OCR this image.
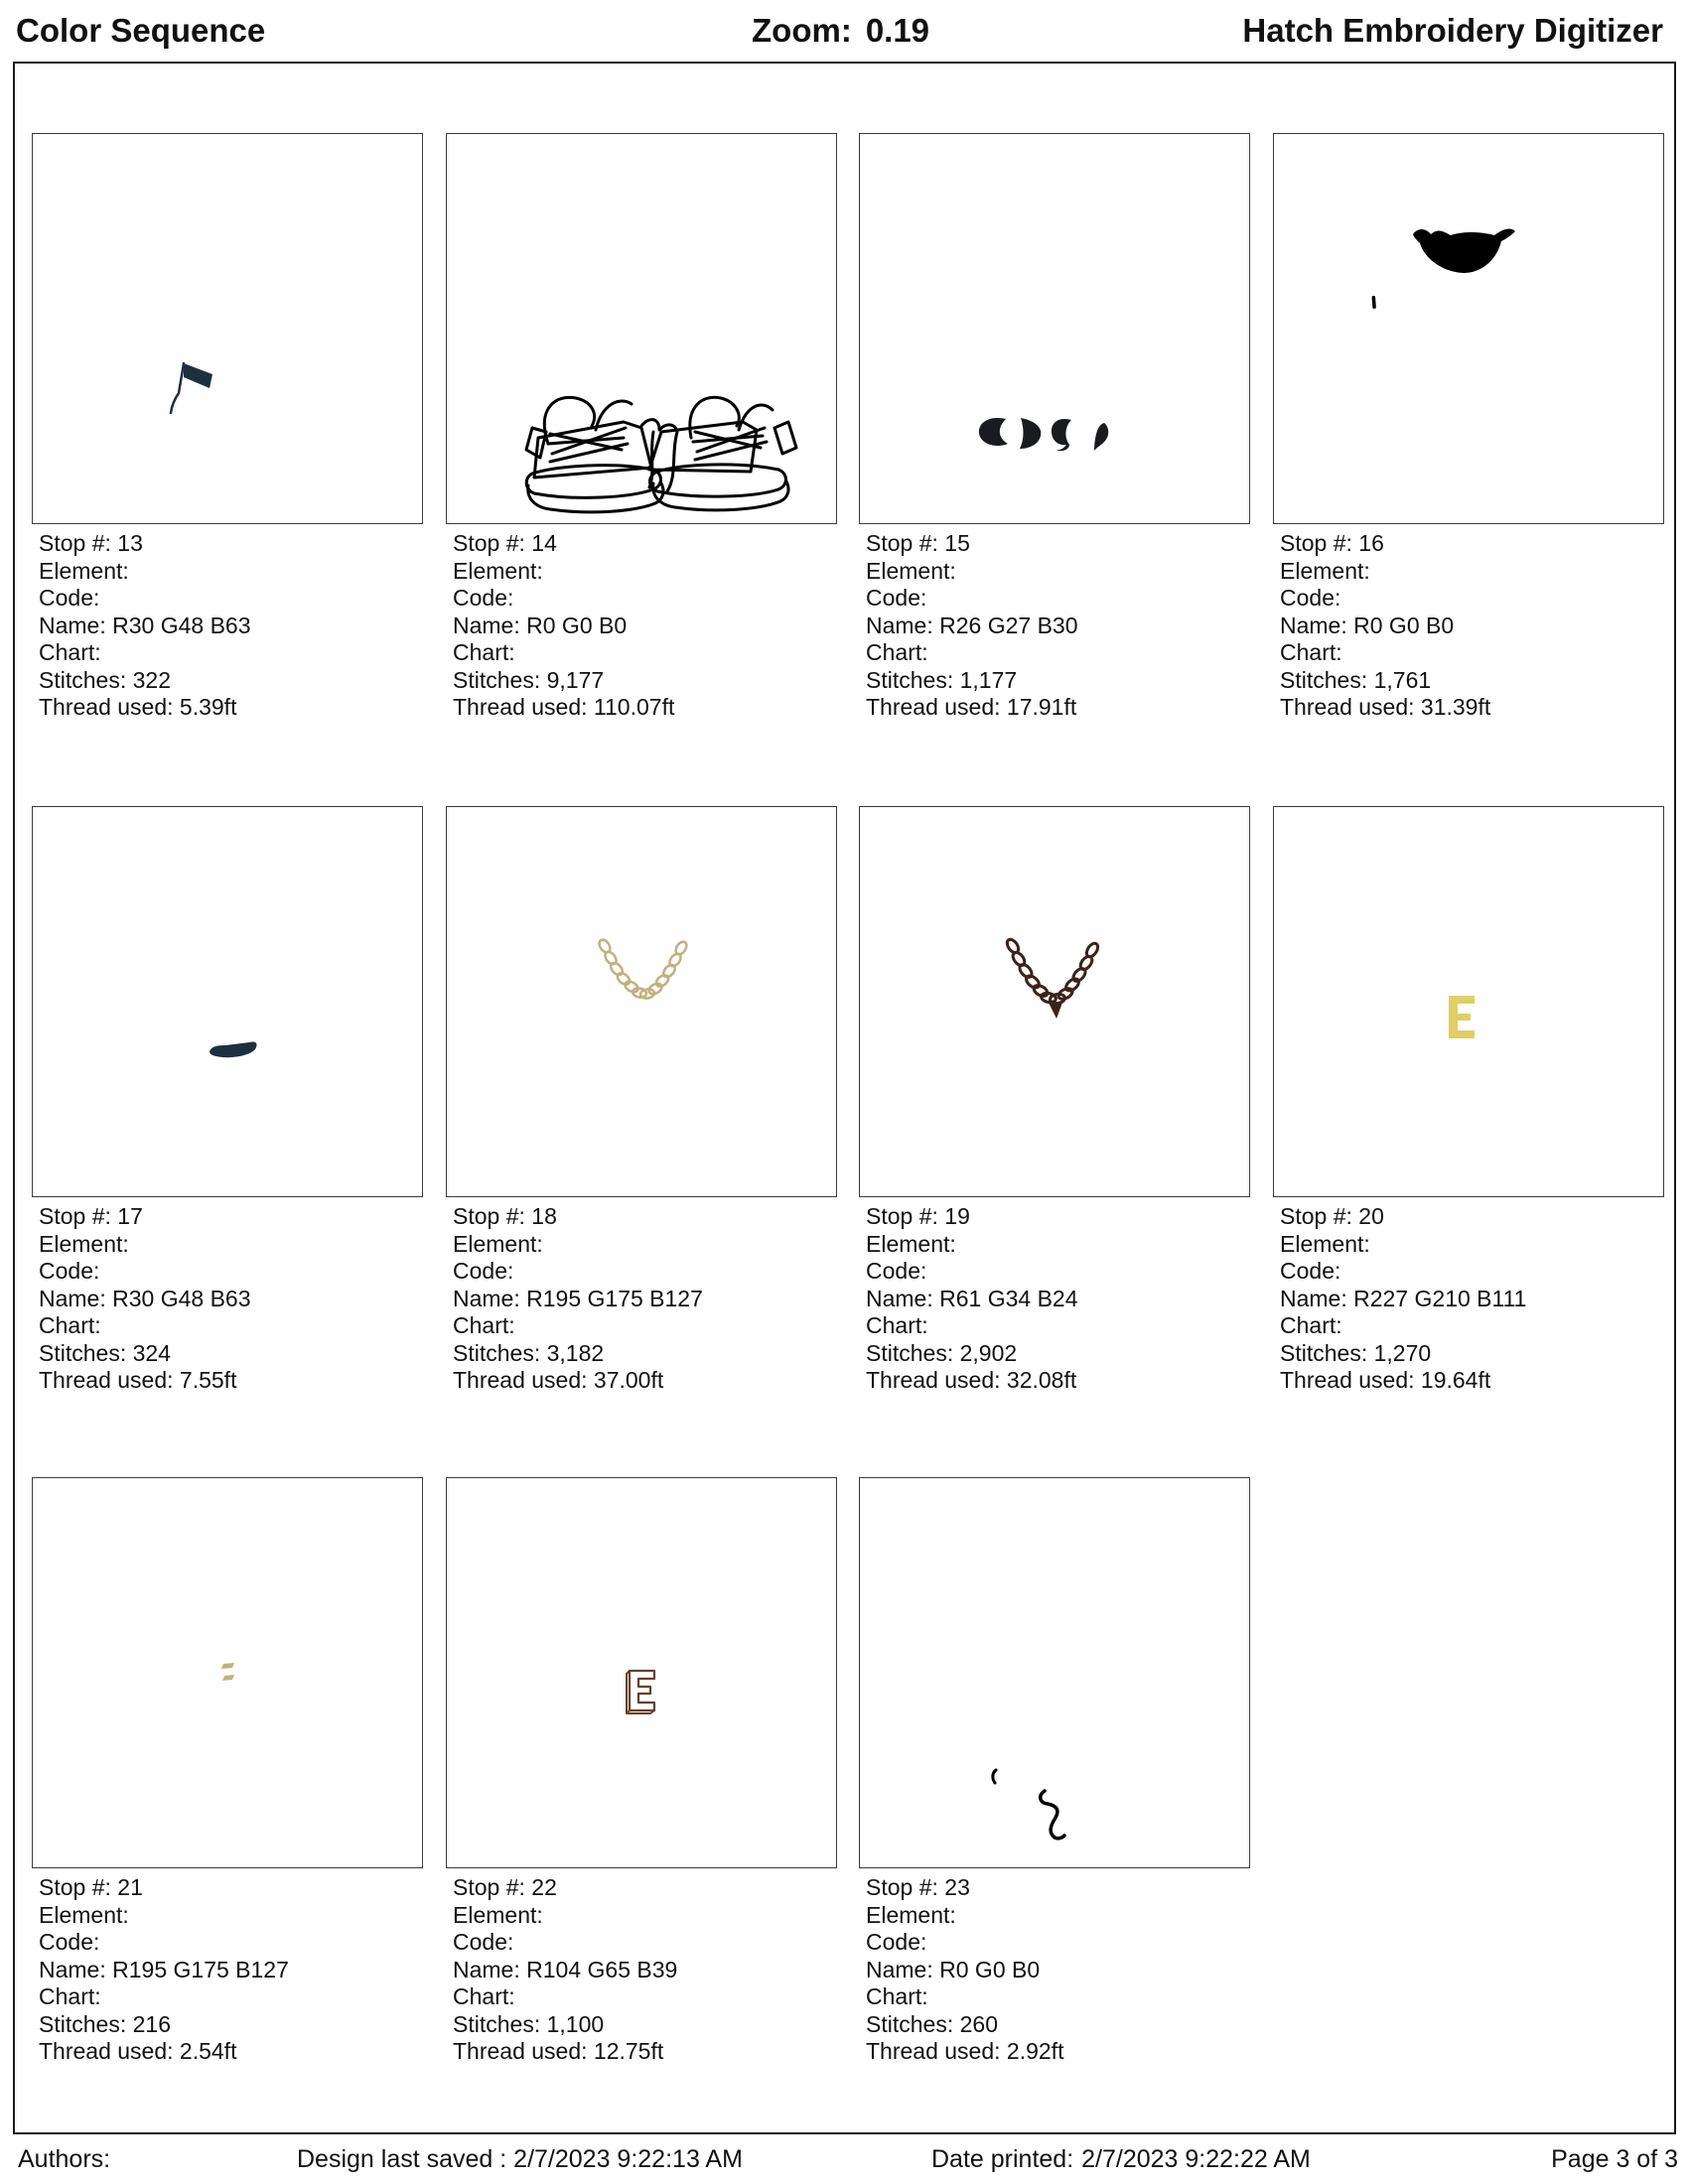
Color Sequence	Zoom: 0.19	Hatch Embroidery Digitizer
Stop #: 13
Element:
Code:
Name: R30 G48 B63
Chart:
Stitches: 322
Thread used: 5.39ft
Stop #: 14
Element:
Code:
Name: R0 G0 B0
Chart:
Stitches: 9,177
Thread used: 110.07ft
Stop #: 15
Element:
Code:
Name: R26 G27 B30
Chart:
Stitches: 1,177
Thread used: 17.91ft
Stop #: 16
Element:
Code:
Name: R0 G0 B0
Chart:
Stitches: 1,761
Thread used: 31.39ft
Stop #: 17
Element:
Code:
Name: R30 G48 B63
Chart:
Stitches: 324
Thread used: 7.55ft
Stop #: 18
Element:
Code:
Name: R195 G175 B127
Chart:
Stitches: 3,182
Thread used: 37.00ft
Stop #: 19
Element:
Code:
Name: R61 G34 B24
Chart:
Stitches: 2,902
Thread used: 32.08ft
Stop #: 20
Element:
Code:
Name: R227 G210 B111
Chart:
Stitches: 1,270
Thread used: 19.64ft
Stop #: 21
Element:
Code:
Name: R195 G175 B127
Chart:
Stitches: 216
Thread used: 2.54ft
Stop #: 22
Element:
Code:
Name: R104 G65 B39
Chart:
Stitches: 1,100
Thread used: 12.75ft
Stop #: 23
Element:
Code:
Name: R0 G0 B0
Chart:
Stitches: 260
Thread used: 2.92ft
Authors:	Design last saved : 2/7/2023 9:22:13 AM	Date printed: 2/7/2023 9:22:22 AM	Page 3 of 3
